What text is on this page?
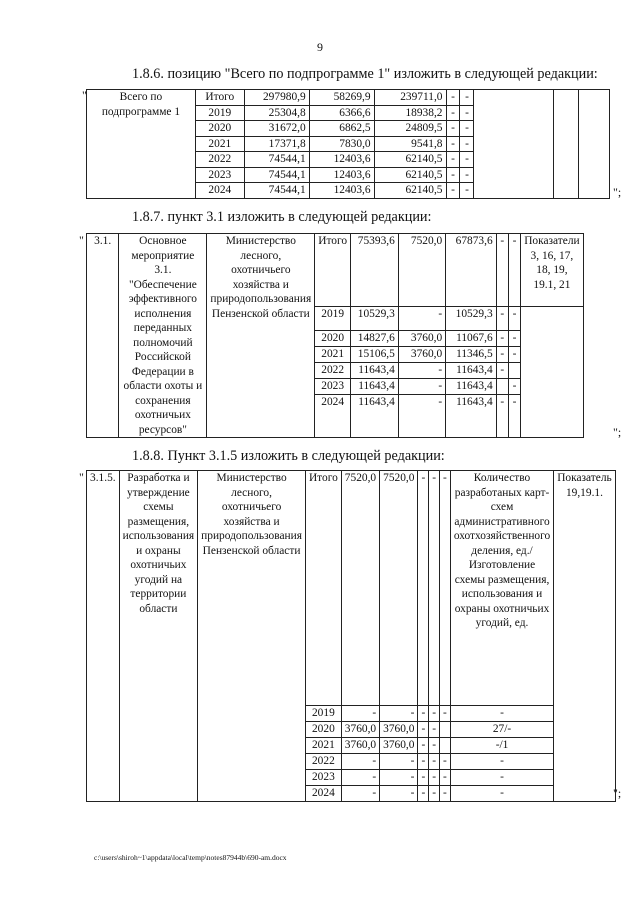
9
1.8.6. позицию "Всего по подпрограмме 1" изложить в следующей редакции:
"	Всего по подпрограмме 1	Итого	297980,9	58269,9	239711,0	-	-			
	2019	25304,8	6366,6	18938,2	-	-			
	2020	31672,0	6862,5	24809,5	-	-			
	2021	17371,8	7830,0	9541,8	-	-			
	2022	74544,1	12403,6	62140,5	-	-			
	2023	74544,1	12403,6	62140,5	-	-			
	2024	74544,1	12403,6	62140,5	-	-				";
1.8.7. пункт 3.1 изложить в следующей редакции:
" 3.1.	Основное мероприятие 3.1. "Обеспечение эффективного исполнения переданных полномочий Российской Федерации в области охоты и сохранения охотничьих ресурсов"	Министерство лесного, охотничьего хозяйства и природопользования Пензенской области	Итого	75393,6	7520,0	67873,6	-	-	Показатели 3, 16, 17, 18, 19, 19.1, 21
			2019	10529,3	-	10529,3	-	-	
			2020	14827,6	3760,0	11067,6	-	-	
			2021	15106,5	3760,0	11346,5	-	-	
			2022	11643,4	-	11643,4	-		
			2023	11643,4	-	11643,4		-	
			2024	11643,4	-	11643,4	-	-	
";
1.8.8. Пункт 3.1.5 изложить в следующей редакции:
" 3.1.5.	Разработка и утверждение схемы размещения, использования и охраны охотничьих угодий на территории области	Министерство лесного, охотничьего хозяйства и природопользования Пензенской области	Итого	7520,0	7520,0	-	-	-	Количество разработаных карт-схем административного охотхозяйственного деления, ед./ Изготовление схемы размещения, использования и охраны охотничьих угодий, ед.	Показатель 19,19.1.
			2019	-	-	-	-	-	-	
			2020	3760,0	3760,0	-	-		27/-	
			2021	3760,0	3760,0	-	-		-/1	
			2022	-	-	-	-	-	-	
			2023	-	-	-	-	-	-	
			2024	-	-	-	-	-	-		";
c:\users\shiroh~1\appdata\local\temp\notes87944b\690-am.docx
